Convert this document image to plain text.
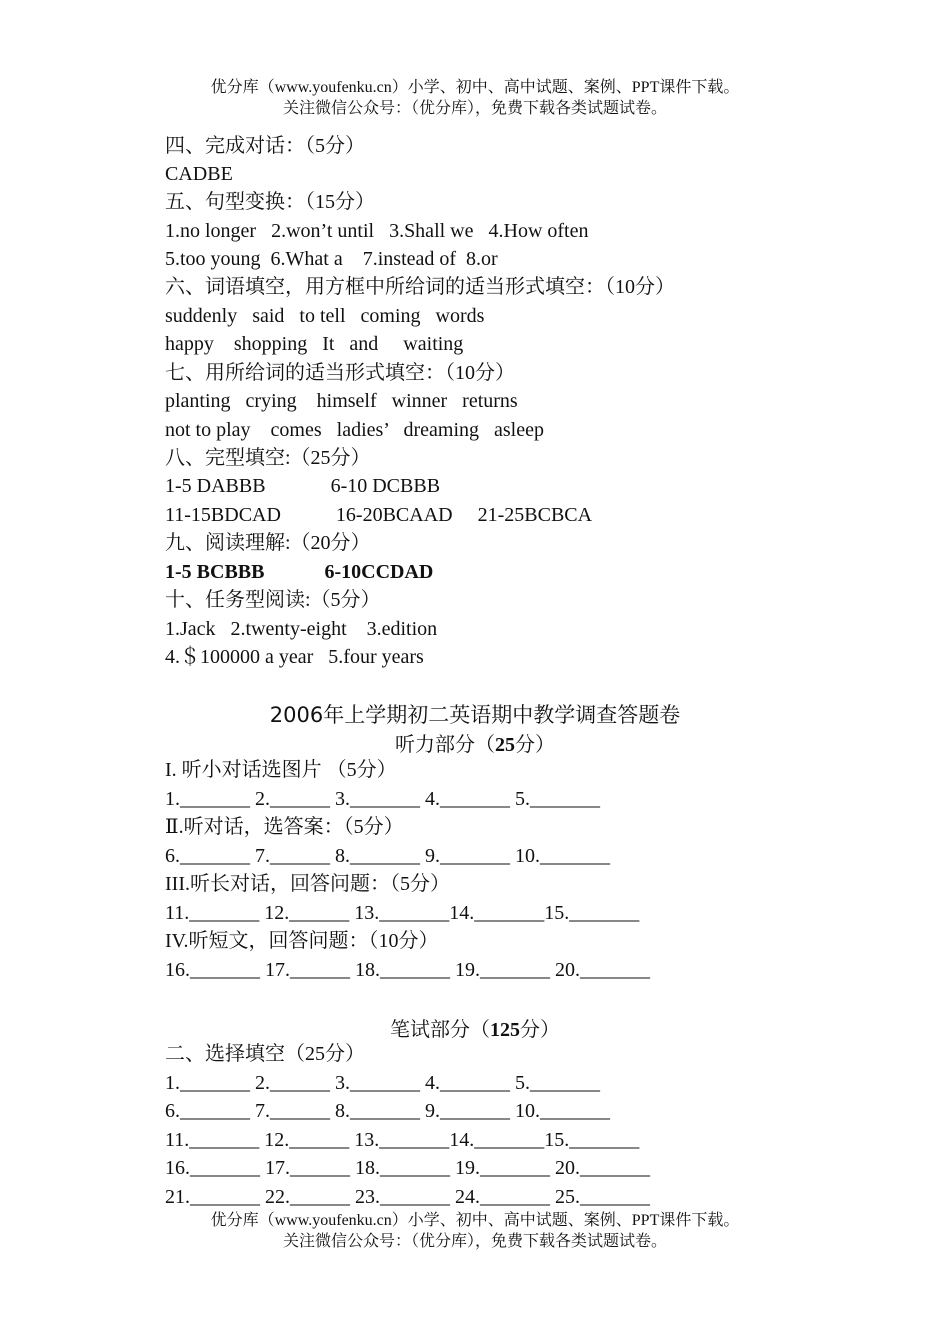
优分库（www.youfenku.cn）小学、初中、高中试题、案例、PPT课件下载。
关注微信公众号：（优分库），免费下载各类试题试卷。
四、完成对话：（5分）
CADBE
五、句型变换：（15分）
1.no longer   2.won’t until   3.Shall we   4.How often
5.too young  6.What a    7.instead of  8.or
六、词语填空，用方框中所给词的适当形式填空：（10分）
suddenly   said   to tell   coming   words
happy    shopping   It   and     waiting
七、用所给词的适当形式填空：（10分）
planting   crying    himself   winner   returns
not to play    comes   ladies’   dreaming   asleep
八、完型填空:（25分）
1-5 DABBB             6-10 DCBBB
11-15BDCAD           16-20BCAAD     21-25BCBCA
九、阅读理解:（20分）
1-5 BCBBB            6-10CCDAD
十、任务型阅读:（5分）
1.Jack   2.twenty-eight    3.edition
4.＄100000 a year   5.four years
2006年上学期初二英语期中教学调查答题卷
听力部分（25分）
I. 听小对话选图片 （5分）
1._______ 2.______ 3._______ 4._______ 5._______
Ⅱ.听对话，选答案：（5分）
6._______ 7.______ 8._______ 9._______ 10._______
III.听长对话，回答问题：（5分）
11._______ 12.______ 13._______14._______15._______
IV.听短文，回答问题：（10分）
16._______ 17.______ 18._______ 19._______ 20._______
笔试部分（125分）
二、选择填空（25分）
1._______ 2.______ 3._______ 4._______ 5._______
6._______ 7.______ 8._______ 9._______ 10._______
11._______ 12.______ 13._______14._______15._______
16._______ 17.______ 18._______ 19._______ 20._______
21._______ 22.______ 23._______ 24._______ 25._______
优分库（www.youfenku.cn）小学、初中、高中试题、案例、PPT课件下载。
关注微信公众号：（优分库），免费下载各类试题试卷。
